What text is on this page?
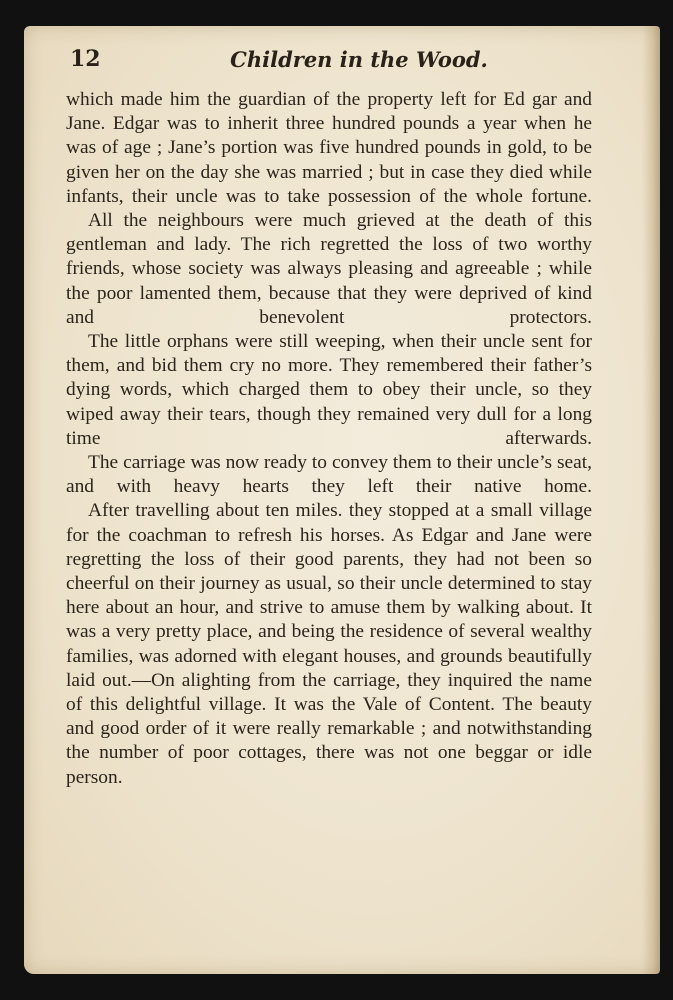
12	Children in the Wood.

which made him the guardian of the property left for Ed gar and Jane. Edgar was to inherit three hundred pounds a year when he was of age ; Jane’s portion was five hundred pounds in gold, to be given her on the day she was married ; but in case they died while infants, their uncle was to take possession of the whole fortune.

All the neighbours were much grieved at the death of this gentleman and lady. The rich regretted the loss of two worthy friends, whose society was always pleasing and agreeable ; while the poor lamented them, because that they were deprived of kind and benevolent protectors.

The little orphans were still weeping, when their uncle sent for them, and bid them cry no more. They remembered their father’s dying words, which charged them to obey their uncle, so they wiped away their tears, though they remained very dull for a long time afterwards.

The carriage was now ready to convey them to their uncle’s seat, and with heavy hearts they left their native home.

After travelling about ten miles. they stopped at a small village for the coachman to refresh his horses. As Edgar and Jane were regretting the loss of their good parents, they had not been so cheerful on their journey as usual, so their uncle determined to stay here about an hour, and strive to amuse them by walking about. It was a very pretty place, and being the residence of several wealthy families, was adorned with elegant houses, and grounds beautifully laid out.—On alighting from the carriage, they inquired the name of this delightful village. It was the Vale of Content. The beauty and good order of it were really remarkable ; and notwithstanding the number of poor cottages, there was not one beggar or idle person.
